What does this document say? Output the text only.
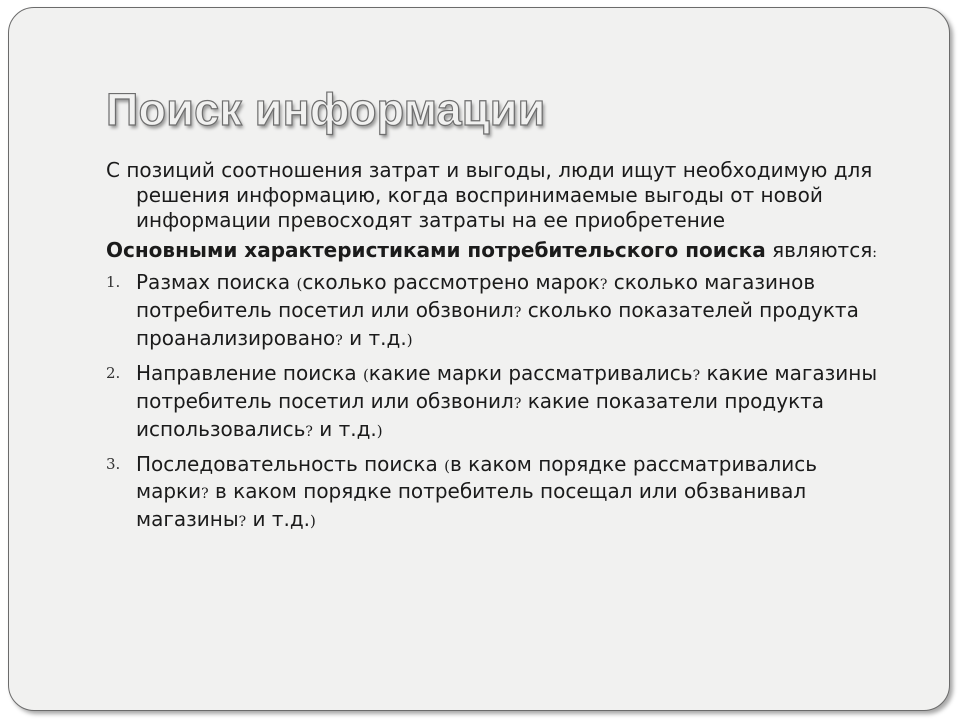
Поиск информации

С позиций соотношения затрат и выгоды, люди ищут необходимую для решения информацию, когда воспринимаемые выгоды от новой информации превосходят затраты на ее приобретение

Основными характеристиками потребительского поиска являются:

1. Размах поиска (сколько рассмотрено марок? сколько магазинов потребитель посетил или обзвонил? сколько показателей продукта проанализировано? и т.д.)
2. Направление поиска (какие марки рассматривались? какие магазины потребитель посетил или обзвонил? какие показатели продукта использовались? и т.д.)
3. Последовательность поиска (в каком порядке рассматривались марки? в каком порядке потребитель посещал или обзванивал магазины? и т.д.)
